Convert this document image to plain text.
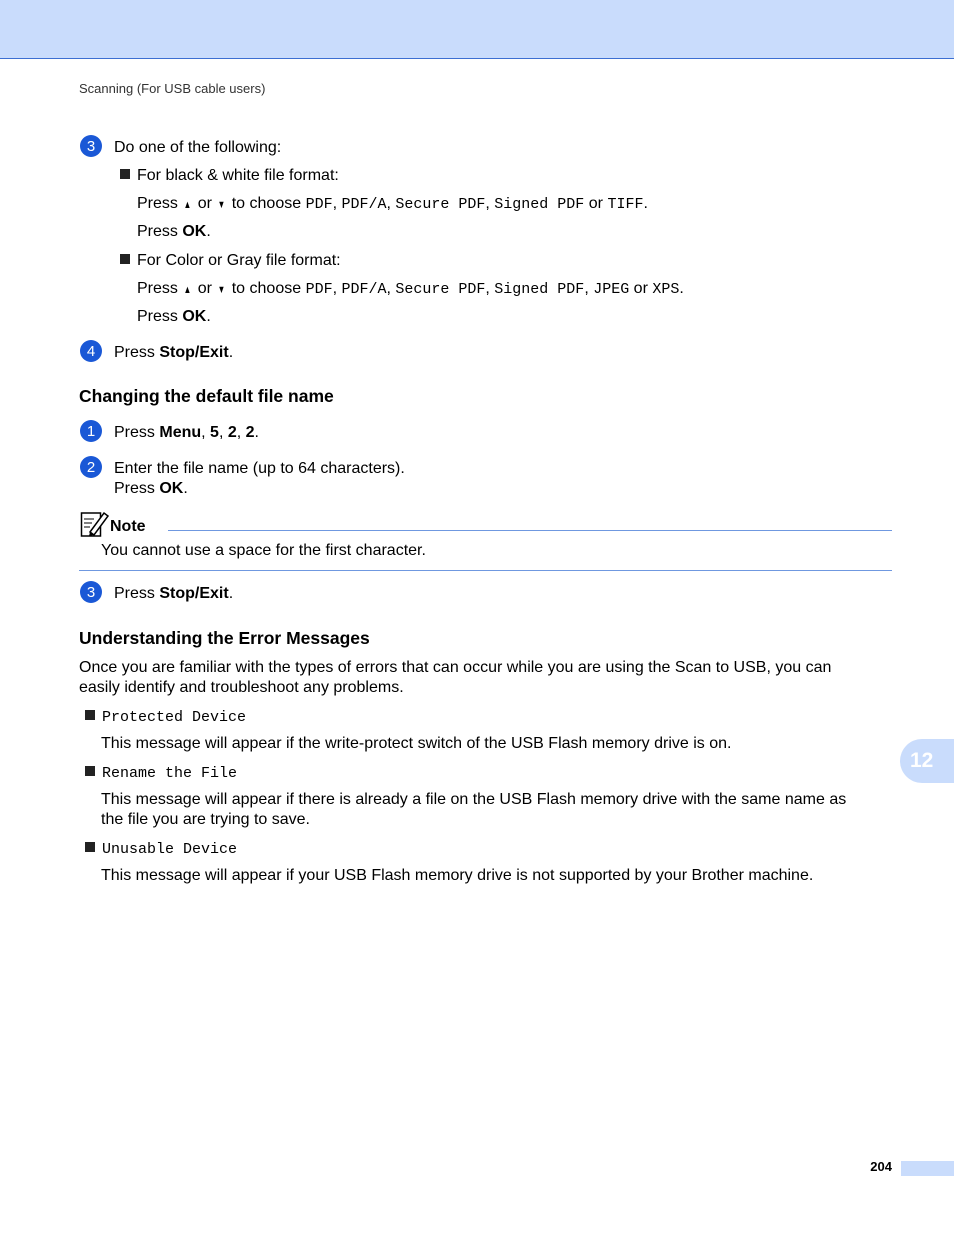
Scanning (For USB cable users)
3	Do one of the following:
For black & white file format:
Press ▲ or ▼ to choose PDF, PDF/A, Secure PDF, Signed PDF or TIFF.
Press OK.
For Color or Gray file format:
Press ▲ or ▼ to choose PDF, PDF/A, Secure PDF, Signed PDF, JPEG or XPS.
Press OK.
4	Press Stop/Exit.
Changing the default file name
1	Press Menu, 5, 2, 2.
2	Enter the file name (up to 64 characters).
Press OK.
Note
You cannot use a space for the first character.
3	Press Stop/Exit.
Understanding the Error Messages
Once you are familiar with the types of errors that can occur while you are using the Scan to USB, you can
easily identify and troubleshoot any problems.
Protected Device
This message will appear if the write-protect switch of the USB Flash memory drive is on.
Rename the File
This message will appear if there is already a file on the USB Flash memory drive with the same name as
the file you are trying to save.
Unusable Device
This message will appear if your USB Flash memory drive is not supported by your Brother machine.
12
204
